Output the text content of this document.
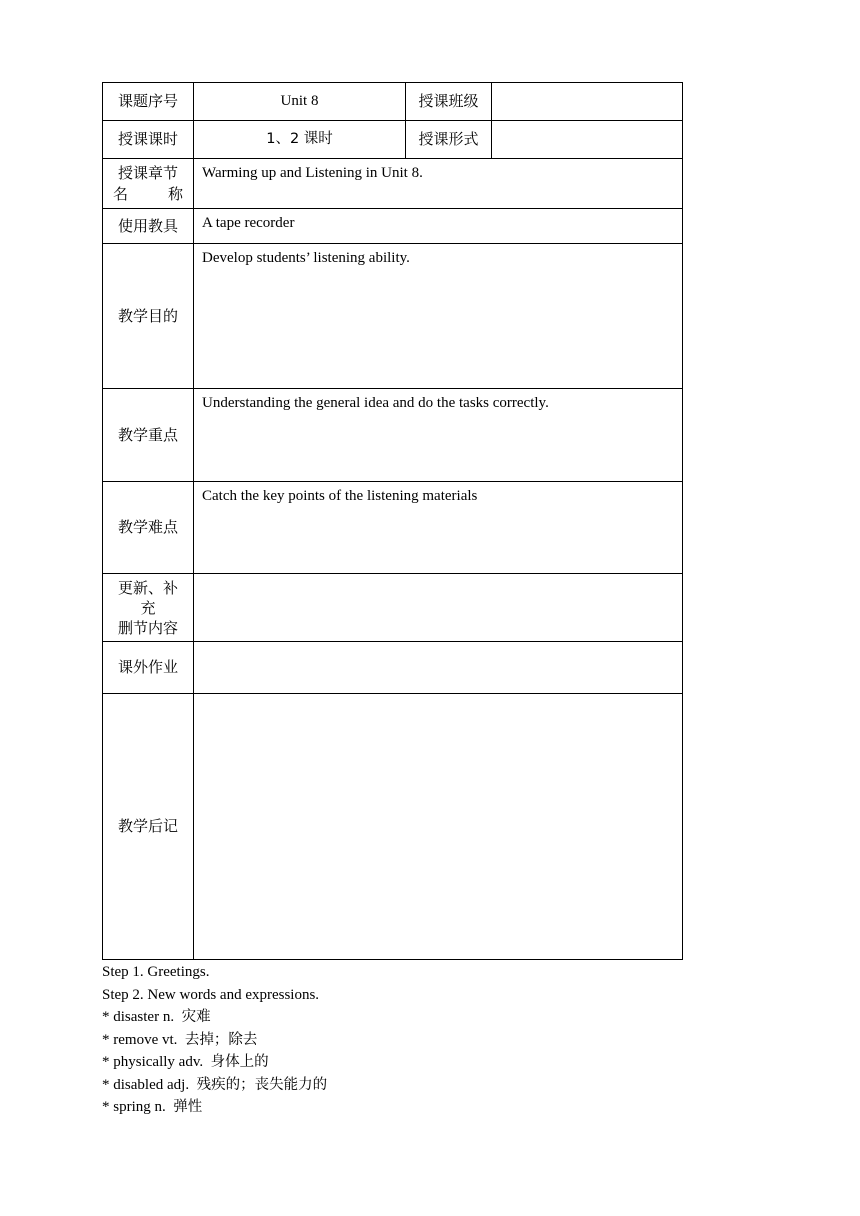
课题序号	Unit 8	授课班级	
授课课时	1、2 课时	授课形式	

授课章节
名 称	Warming up and Listening in Unit 8.		
使用教具	A tape recorder		
教学目的	Develop students’ listening ability.		
教学重点	Understanding the general idea and do the tasks correctly.		
教学难点	Catch the key points of the listening materials		

更新、补
充
删节内容			

课外作业			
教学后记			
Step 1. Greetings.
Step 2. New words and expressions.
* disaster n. 灾难
* remove vt. 去掉；除去
* physically adv. 身体上的
* disabled adj. 残疾的；丧失能力的
* spring n. 弹性
